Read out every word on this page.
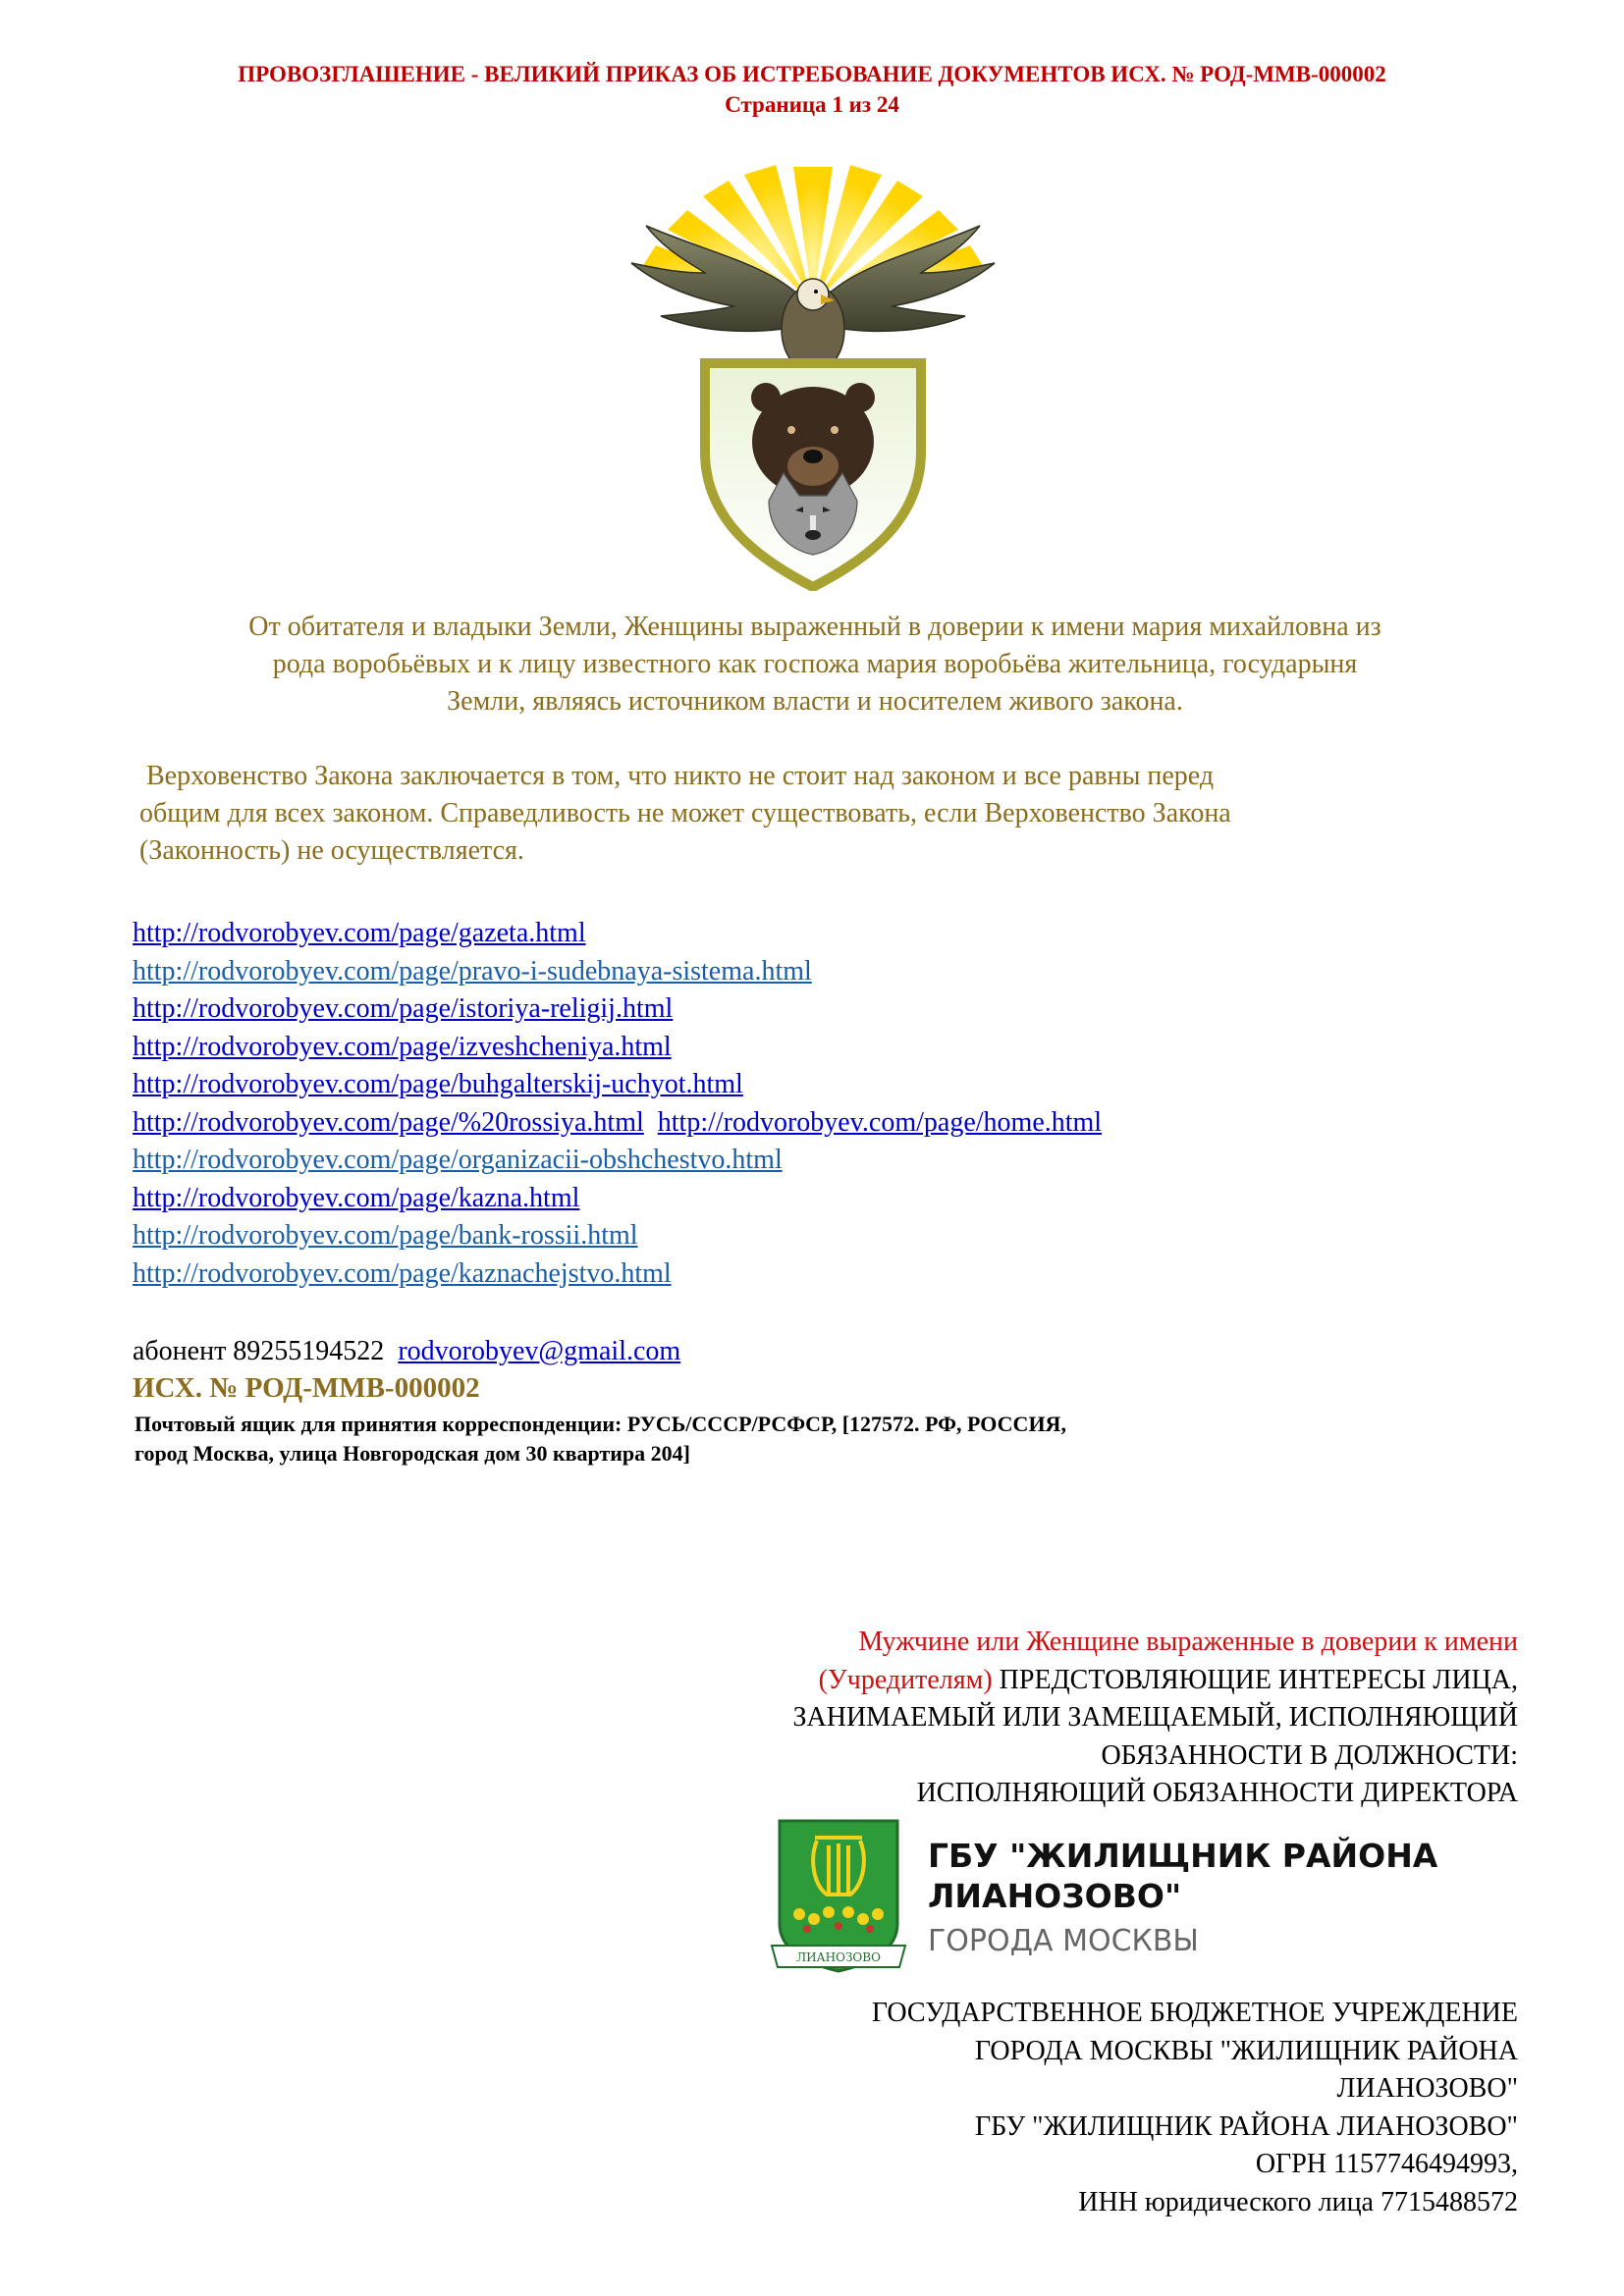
ПРОВОЗГЛАШЕНИЕ - ВЕЛИКИЙ ПРИКАЗ ОБ ИСТРЕБОВАНИЕ ДОКУМЕНТОВ ИСХ. № РОД-ММВ-000002
Страница 1 из 24
От обитателя и владыки Земли, Женщины выраженный в доверии к имени мария михайловна из
рода воробьёвых и к лицу известного как госпожа мария воробьёва жительница, государыня
Земли, являясь источником власти и носителем живого закона.
Верховенство Закона заключается в том, что никто не стоит над законом и все равны перед
общим для всех законом. Справедливость не может существовать, если Верховенство Закона
(Законность) не осуществляется.
http://rodvorobyev.com/page/gazeta.html
http://rodvorobyev.com/page/pravo-i-sudebnaya-sistema.html
http://rodvorobyev.com/page/istoriya-religij.html
http://rodvorobyev.com/page/izveshcheniya.html
http://rodvorobyev.com/page/buhgalterskij-uchyot.html
http://rodvorobyev.com/page/%20rossiya.html http://rodvorobyev.com/page/home.html
http://rodvorobyev.com/page/organizacii-obshchestvo.html
http://rodvorobyev.com/page/kazna.html
http://rodvorobyev.com/page/bank-rossii.html
http://rodvorobyev.com/page/kaznachejstvo.html
абонент 89255194522 rodvorobyev@gmail.com
ИСХ. № РОД-ММВ-000002
Почтовый ящик для принятия корреспонденции: РУСЬ/СССР/РСФСР, [127572. РФ, РОССИЯ,
город Москва, улица Новгородская дом 30 квартира 204]
Мужчине или Женщине выраженные в доверии к имени
(Учредителям) ПРЕДСТОВЛЯЮЩИЕ ИНТЕРЕСЫ ЛИЦА,
ЗАНИМАЕМЫЙ ИЛИ ЗАМЕЩАЕМЫЙ, ИСПОЛНЯЮЩИЙ
ОБЯЗАННОСТИ В ДОЛЖНОСТИ:
ИСПОЛНЯЮЩИЙ ОБЯЗАННОСТИ ДИРЕКТОРА
ЛИАНОЗОВО
ГБУ "ЖИЛИЩНИК РАЙОНА
ЛИАНОЗОВО"
ГОРОДА МОСКВЫ
ГОСУДАРСТВЕННОЕ БЮДЖЕТНОЕ УЧРЕЖДЕНИЕ
ГОРОДА МОСКВЫ "ЖИЛИЩНИК РАЙОНА
ЛИАНОЗОВО"
ГБУ "ЖИЛИЩНИК РАЙОНА ЛИАНОЗОВО"
ОГРН 1157746494993,
ИНН юридического лица 7715488572
